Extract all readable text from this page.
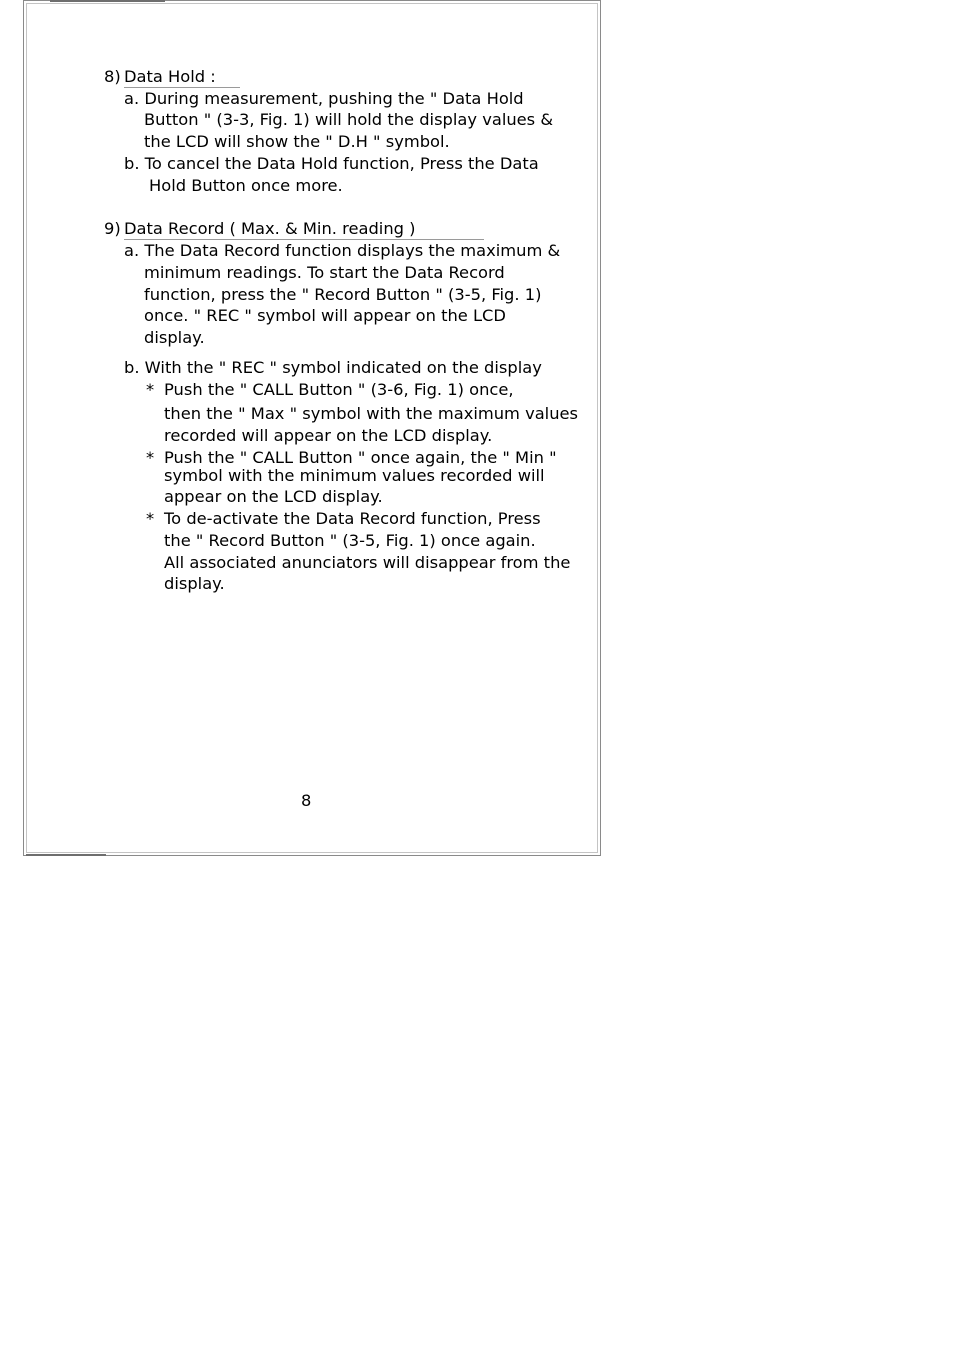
8) Data Hold :
a. During measurement, pushing the " Data Hold
Button " (3-3, Fig. 1) will hold the display values &
the LCD will show the " D.H " symbol.
b. To cancel the Data Hold function, Press the Data
Hold Button once more.
9) Data Record ( Max. & Min. reading )
a. The Data Record function displays the maximum &
minimum readings. To start the Data Record
function, press the " Record Button " (3-5, Fig. 1)
once. " REC " symbol will appear on the LCD
display.
b. With the " REC " symbol indicated on the display
* Push the " CALL Button " (3-6, Fig. 1) once,
then the " Max " symbol with the maximum values
recorded will appear on the LCD display.
* Push the " CALL Button " once again, the " Min "
symbol with the minimum values recorded will
appear on the LCD display.
* To de-activate the Data Record function, Press
the " Record Button " (3-5, Fig. 1) once again.
All associated anunciators will disappear from the
display.
8
